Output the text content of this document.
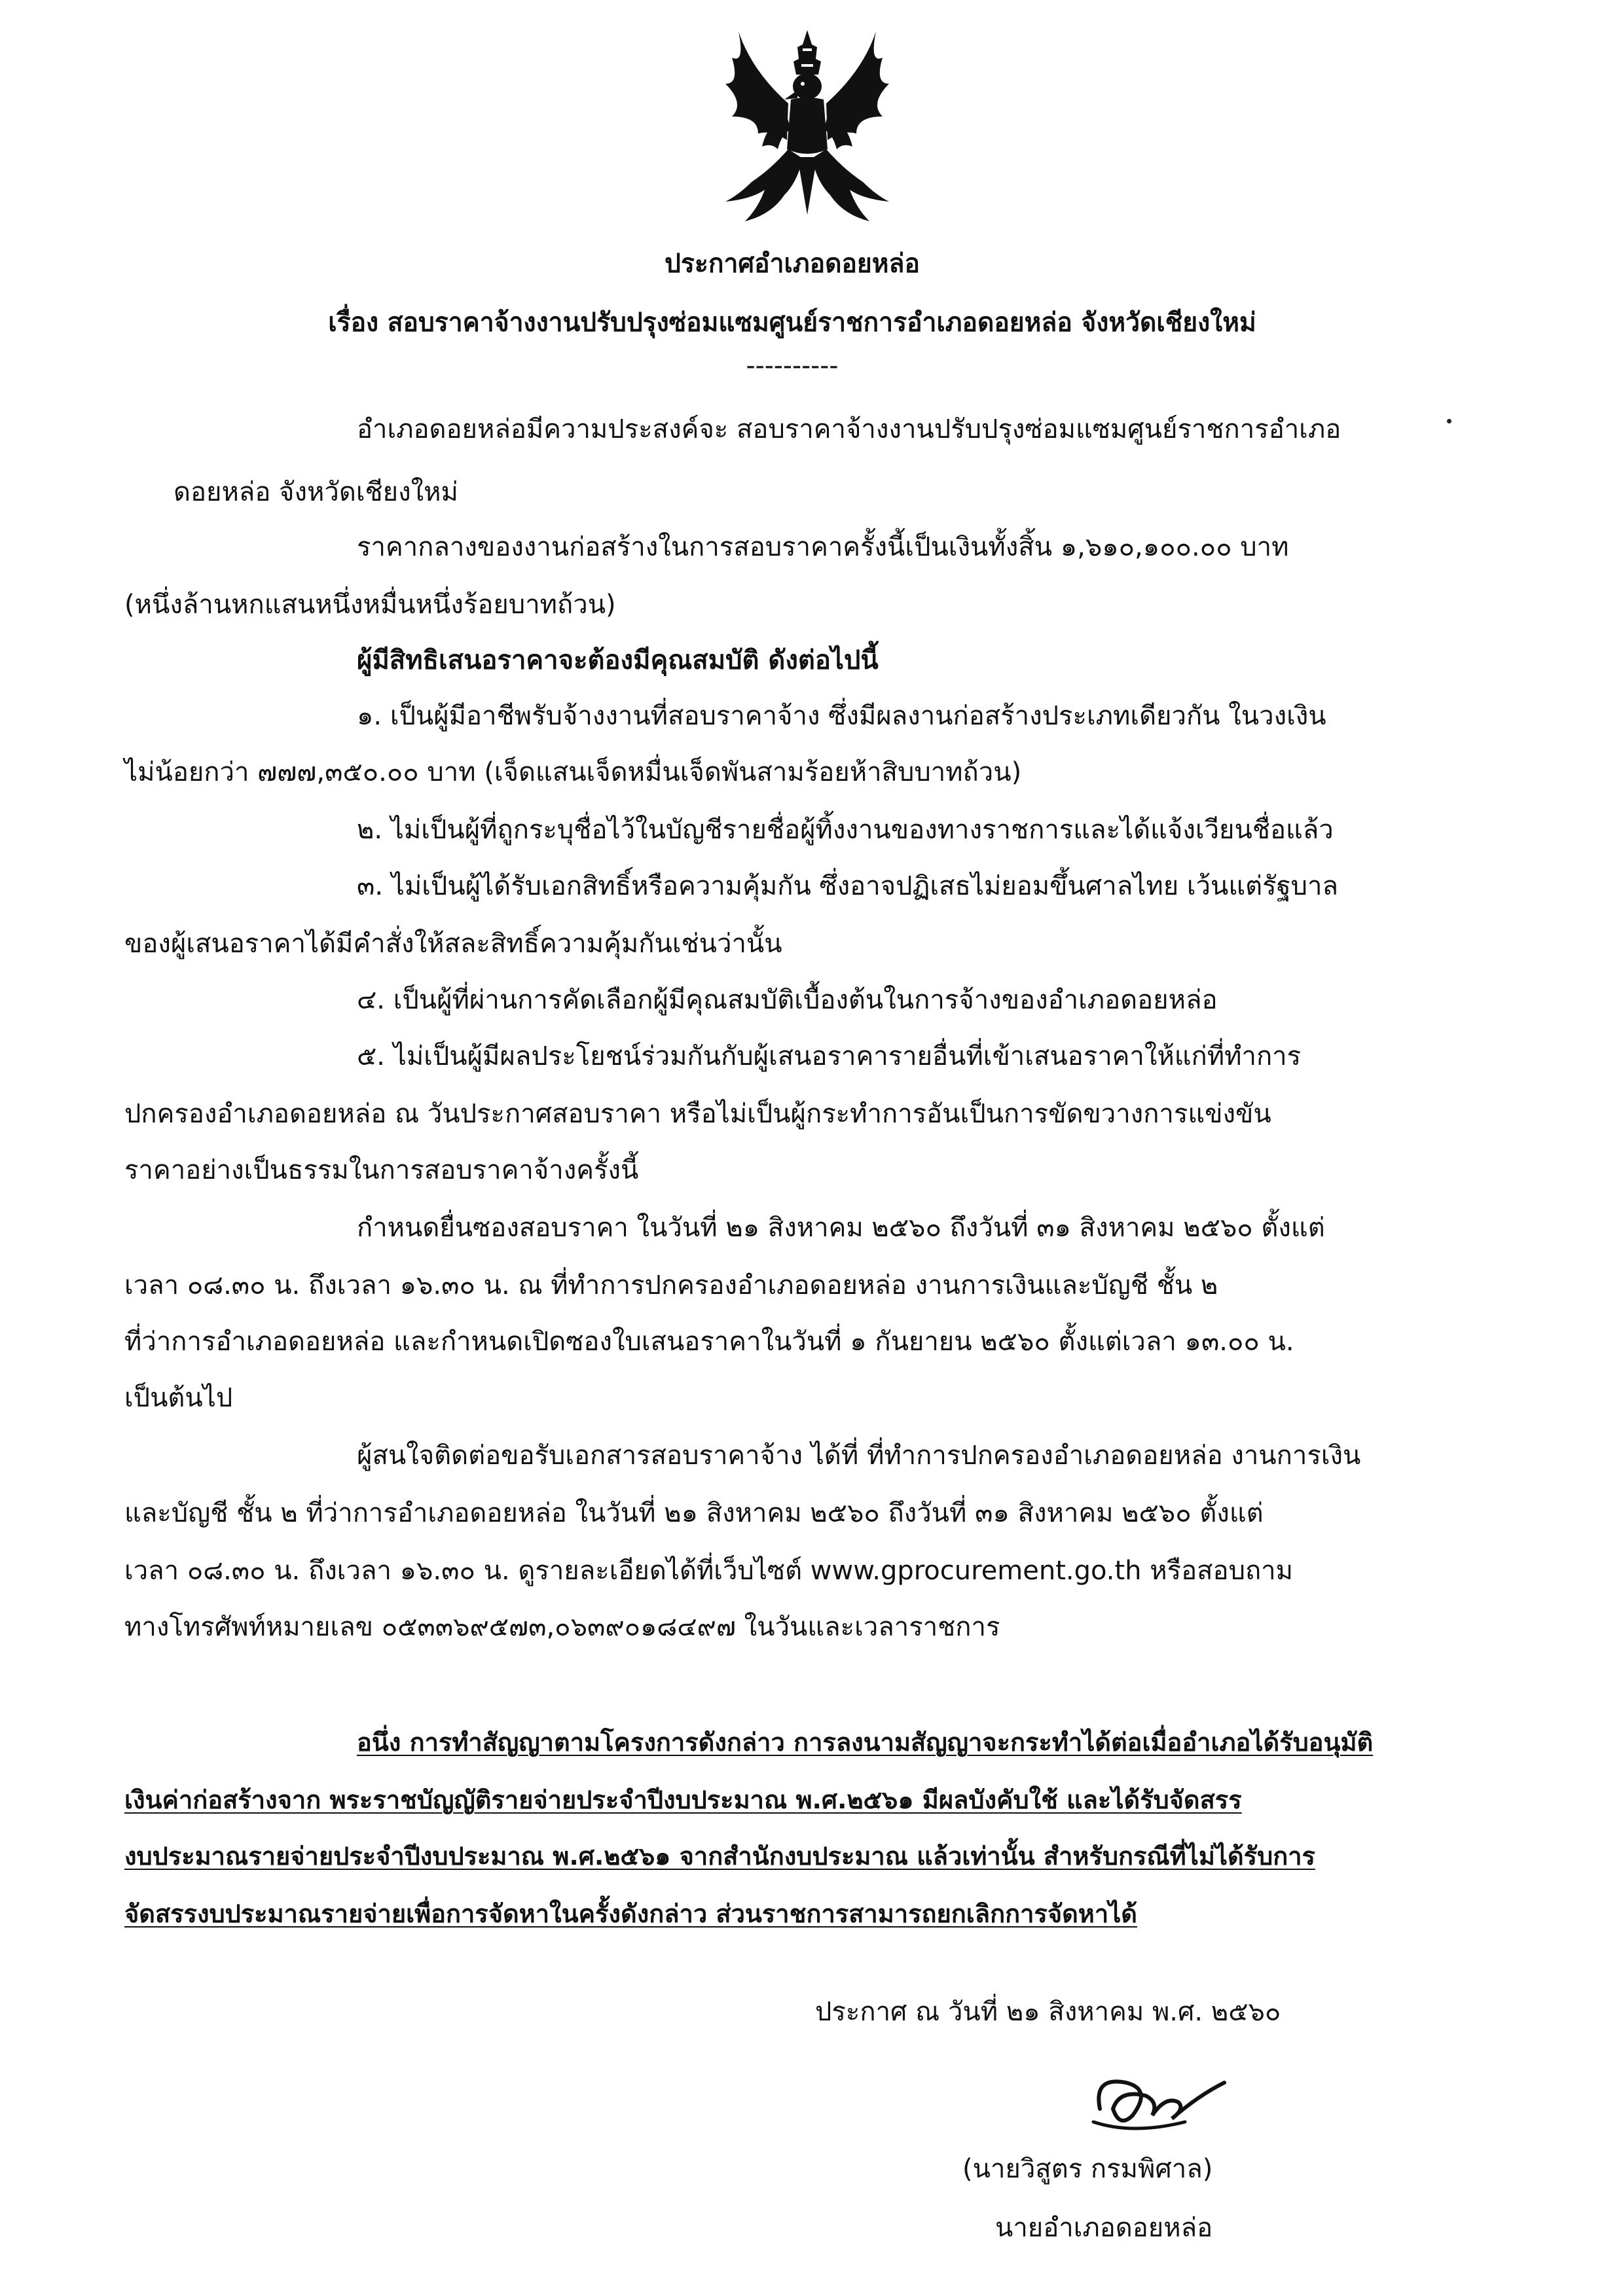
ประกาศอำเภอดอยหล่อ
เรื่อง สอบราคาจ้างงานปรับปรุงซ่อมแซมศูนย์ราชการอำเภอดอยหล่อ จังหวัดเชียงใหม่
----------
อำเภอดอยหล่อมีความประสงค์จะ สอบราคาจ้างงานปรับปรุงซ่อมแซมศูนย์ราชการอำเภอ
ดอยหล่อ จังหวัดเชียงใหม่
ราคากลางของงานก่อสร้างในการสอบราคาครั้งนี้เป็นเงินทั้งสิ้น ๑,๖๑๐,๑๐๐.๐๐ บาท
(หนึ่งล้านหกแสนหนึ่งหมื่นหนึ่งร้อยบาทถ้วน)
ผู้มีสิทธิเสนอราคาจะต้องมีคุณสมบัติ ดังต่อไปนี้
๑. เป็นผู้มีอาชีพรับจ้างงานที่สอบราคาจ้าง ซึ่งมีผลงานก่อสร้างประเภทเดียวกัน ในวงเงิน
ไม่น้อยกว่า ๗๗๗,๓๕๐.๐๐ บาท (เจ็ดแสนเจ็ดหมื่นเจ็ดพันสามร้อยห้าสิบบาทถ้วน)
๒. ไม่เป็นผู้ที่ถูกระบุชื่อไว้ในบัญชีรายชื่อผู้ทิ้งงานของทางราชการและได้แจ้งเวียนชื่อแล้ว
๓. ไม่เป็นผู้ได้รับเอกสิทธิ์หรือความคุ้มกัน ซึ่งอาจปฏิเสธไม่ยอมขึ้นศาลไทย เว้นแต่รัฐบาล
ของผู้เสนอราคาได้มีคำสั่งให้สละสิทธิ์ความคุ้มกันเช่นว่านั้น
๔. เป็นผู้ที่ผ่านการคัดเลือกผู้มีคุณสมบัติเบื้องต้นในการจ้างของอำเภอดอยหล่อ
๕. ไม่เป็นผู้มีผลประโยชน์ร่วมกันกับผู้เสนอราคารายอื่นที่เข้าเสนอราคาให้แก่ที่ทำการ
ปกครองอำเภอดอยหล่อ ณ วันประกาศสอบราคา หรือไม่เป็นผู้กระทำการอันเป็นการขัดขวางการแข่งขัน
ราคาอย่างเป็นธรรมในการสอบราคาจ้างครั้งนี้
กำหนดยื่นซองสอบราคา ในวันที่ ๒๑ สิงหาคม ๒๕๖๐ ถึงวันที่ ๓๑ สิงหาคม ๒๕๖๐ ตั้งแต่
เวลา ๐๘.๓๐ น. ถึงเวลา ๑๖.๓๐ น. ณ ที่ทำการปกครองอำเภอดอยหล่อ งานการเงินและบัญชี ชั้น ๒
ที่ว่าการอำเภอดอยหล่อ และกำหนดเปิดซองใบเสนอราคาในวันที่ ๑ กันยายน ๒๕๖๐ ตั้งแต่เวลา ๑๓.๐๐ น.
เป็นต้นไป
ผู้สนใจติดต่อขอรับเอกสารสอบราคาจ้าง ได้ที่ ที่ทำการปกครองอำเภอดอยหล่อ งานการเงิน
และบัญชี ชั้น ๒ ที่ว่าการอำเภอดอยหล่อ ในวันที่ ๒๑ สิงหาคม ๒๕๖๐ ถึงวันที่ ๓๑ สิงหาคม ๒๕๖๐ ตั้งแต่
เวลา ๐๘.๓๐ น. ถึงเวลา ๑๖.๓๐ น. ดูรายละเอียดได้ที่เว็บไซต์ www.gprocurement.go.th หรือสอบถาม
ทางโทรศัพท์หมายเลข ๐๕๓๓๖๙๕๗๓,๐๖๓๙๐๑๘๔๙๗ ในวันและเวลาราชการ
อนึ่ง การทำสัญญาตามโครงการดังกล่าว การลงนามสัญญาจะกระทำได้ต่อเมื่ออำเภอได้รับอนุมัติ
เงินค่าก่อสร้างจาก พระราชบัญญัติรายจ่ายประจำปีงบประมาณ พ.ศ.๒๕๖๑ มีผลบังคับใช้ และได้รับจัดสรร
งบประมาณรายจ่ายประจำปีงบประมาณ พ.ศ.๒๕๖๑ จากสำนักงบประมาณ แล้วเท่านั้น สำหรับกรณีที่ไม่ได้รับการ
จัดสรรงบประมาณรายจ่ายเพื่อการจัดหาในครั้งดังกล่าว ส่วนราชการสามารถยกเลิกการจัดหาได้
ประกาศ ณ วันที่ ๒๑ สิงหาคม พ.ศ. ๒๕๖๐
(นายวิสูตร กรมพิศาล)
นายอำเภอดอยหล่อ
